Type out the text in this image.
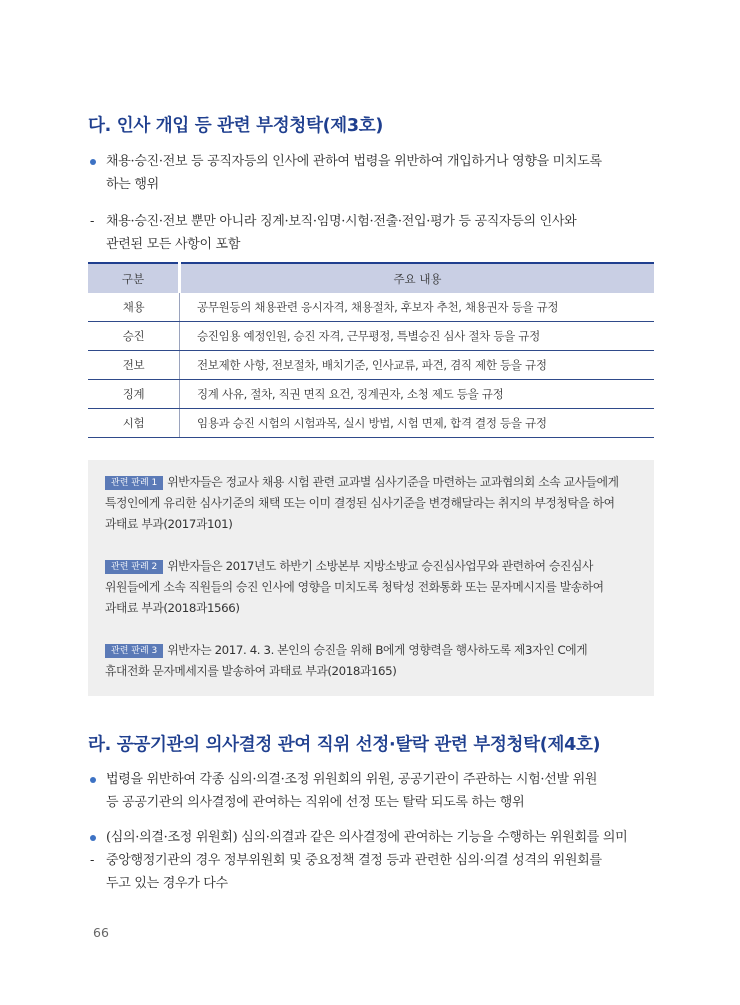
다. 인사 개입 등 관련 부정청탁(제3호)
채용·승진·전보 등 공직자등의 인사에 관하여 법령을 위반하여 개입하거나 영향을 미치도록
하는 행위
- 채용·승진·전보 뿐만 아니라 징계·보직·임명·시험·전출·전입·평가 등 공직자등의 인사와
관련된 모든 사항이 포함
구분	주요 내용
채용	공무원등의 채용관련 응시자격, 채용절차, 후보자 추천, 채용권자 등을 규정
승진	승진임용 예정인원, 승진 자격, 근무평정, 특별승진 심사 절차 등을 규정
전보	전보제한 사항, 전보절차, 배치기준, 인사교류, 파견, 겸직 제한 등을 규정
징계	징계 사유, 절차, 직권 면직 요건, 징계권자, 소청 제도 등을 규정
시험	임용과 승진 시험의 시험과목, 실시 방법, 시험 면제, 합격 결정 등을 규정
관련 판례 1 위반자들은 정교사 채용 시험 관련 교과별 심사기준을 마련하는 교과협의회 소속 교사들에게
특정인에게 유리한 심사기준의 채택 또는 이미 결정된 심사기준을 변경해달라는 취지의 부정청탁을 하여
과태료 부과(2017과101)
관련 판례 2 위반자들은 2017년도 하반기 소방본부 지방소방교 승진심사업무와 관련하여 승진심사
위원들에게 소속 직원들의 승진 인사에 영향을 미치도록 청탁성 전화통화 또는 문자메시지를 발송하여
과태료 부과(2018과1566)
관련 판례 3 위반자는 2017. 4. 3. 본인의 승진을 위해 B에게 영향력을 행사하도록 제3자인 C에게
휴대전화 문자메세지를 발송하여 과태료 부과(2018과165)
라. 공공기관의 의사결정 관여 직위 선정·탈락 관련 부정청탁(제4호)
법령을 위반하여 각종 심의·의결·조정 위원회의 위원, 공공기관이 주관하는 시험·선발 위원
등 공공기관의 의사결정에 관여하는 직위에 선정 또는 탈락 되도록 하는 행위
(심의·의결·조정 위원회) 심의·의결과 같은 의사결정에 관여하는 기능을 수행하는 위원회를 의미
- 중앙행정기관의 경우 정부위원회 및 중요정책 결정 등과 관련한 심의·의결 성격의 위원회를
두고 있는 경우가 다수
66
